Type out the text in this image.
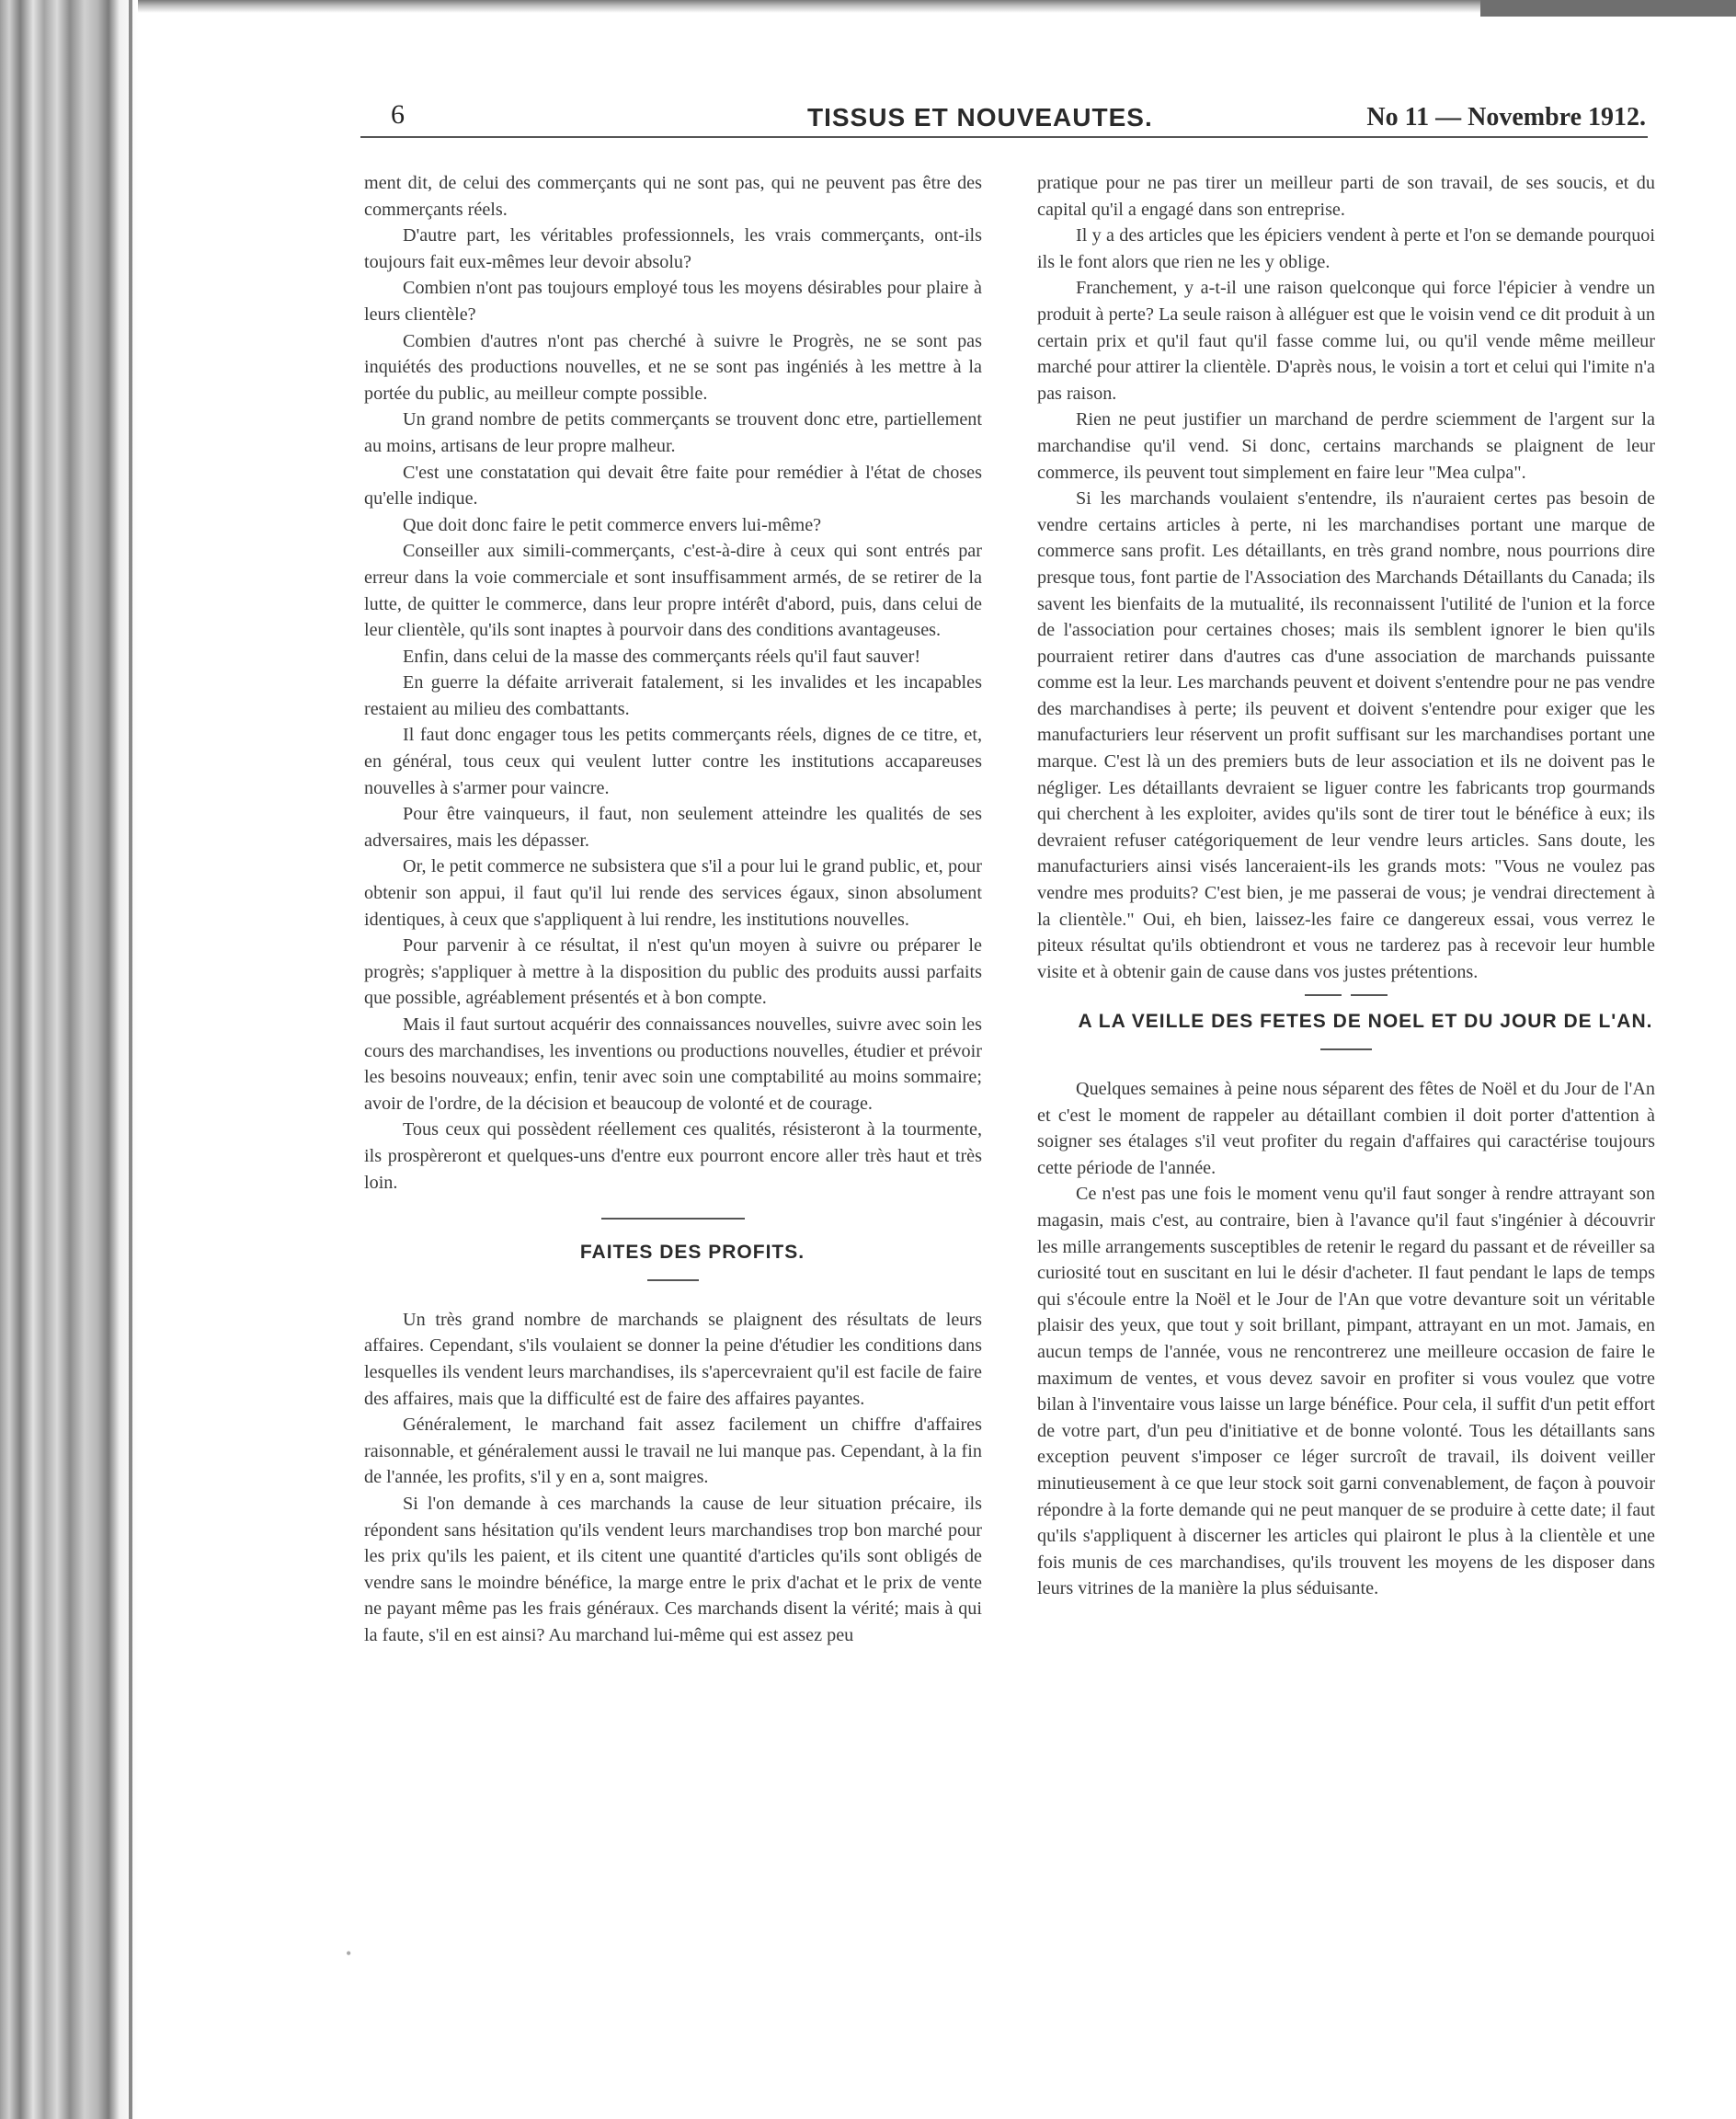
6	TISSUS ET NOUVEAUTES.	No 11 — Novembre 1912.

ment dit, de celui des commerçants qui ne sont pas, qui ne peuvent pas être des commerçants réels.

D'autre part, les véritables professionnels, les vrais commerçants, ont-ils toujours fait eux-mêmes leur devoir absolu?

Combien n'ont pas toujours employé tous les moyens désirables pour plaire à leurs clientèle?

Combien d'autres n'ont pas cherché à suivre le Progrès, ne se sont pas inquiétés des productions nouvelles, et ne se sont pas ingéniés à les mettre à la portée du public, au meilleur compte possible.

Un grand nombre de petits commerçants se trouvent donc etre, partiellement au moins, artisans de leur propre malheur.

C'est une constatation qui devait être faite pour remédier à l'état de choses qu'elle indique.

Que doit donc faire le petit commerce envers lui-même?

Conseiller aux simili-commerçants, c'est-à-dire à ceux qui sont entrés par erreur dans la voie commerciale et sont insuffisamment armés, de se retirer de la lutte, de quitter le commerce, dans leur propre intérêt d'abord, puis, dans celui de leur clientèle, qu'ils sont inaptes à pourvoir dans des conditions avantageuses.

Enfin, dans celui de la masse des commerçants réels qu'il faut sauver!

En guerre la défaite arriverait fatalement, si les invalides et les incapables restaient au milieu des combattants.

Il faut donc engager tous les petits commerçants réels, dignes de ce titre, et, en général, tous ceux qui veulent lutter contre les institutions accapareuses nouvelles à s'armer pour vaincre.

Pour être vainqueurs, il faut, non seulement atteindre les qualités de ses adversaires, mais les dépasser.

Or, le petit commerce ne subsistera que s'il a pour lui le grand public, et, pour obtenir son appui, il faut qu'il lui rende des services égaux, sinon absolument identiques, à ceux que s'appliquent à lui rendre, les institutions nouvelles.

Pour parvenir à ce résultat, il n'est qu'un moyen à suivre ou préparer le progrès; s'appliquer à mettre à la disposition du public des produits aussi parfaits que possible, agréablement présentés et à bon compte.

Mais il faut surtout acquérir des connaissances nouvelles, suivre avec soin les cours des marchandises, les inventions ou productions nouvelles, étudier et prévoir les besoins nouveaux; enfin, tenir avec soin une comptabilité au moins sommaire; avoir de l'ordre, de la décision et beaucoup de volonté et de courage.

Tous ceux qui possèdent réellement ces qualités, résisteront à la tourmente, ils prospèreront et quelques-uns d'entre eux pourront encore aller très haut et très loin.

FAITES DES PROFITS.

Un très grand nombre de marchands se plaignent des résultats de leurs affaires. Cependant, s'ils voulaient se donner la peine d'étudier les conditions dans lesquelles ils vendent leurs marchandises, ils s'apercevraient qu'il est facile de faire des affaires, mais que la difficulté est de faire des affaires payantes.

Généralement, le marchand fait assez facilement un chiffre d'affaires raisonnable, et généralement aussi le travail ne lui manque pas. Cependant, à la fin de l'année, les profits, s'il y en a, sont maigres.

Si l'on demande à ces marchands la cause de leur situation précaire, ils répondent sans hésitation qu'ils vendent leurs marchandises trop bon marché pour les prix qu'ils les paient, et ils citent une quantité d'articles qu'ils sont obligés de vendre sans le moindre bénéfice, la marge entre le prix d'achat et le prix de vente ne payant même pas les frais généraux. Ces marchands disent la vérité; mais à qui la faute, s'il en est ainsi? Au marchand lui-même qui est assez peu

pratique pour ne pas tirer un meilleur parti de son travail, de ses soucis, et du capital qu'il a engagé dans son entreprise.

Il y a des articles que les épiciers vendent à perte et l'on se demande pourquoi ils le font alors que rien ne les y oblige.

Franchement, y a-t-il une raison quelconque qui force l'épicier à vendre un produit à perte? La seule raison à alléguer est que le voisin vend ce dit produit à un certain prix et qu'il faut qu'il fasse comme lui, ou qu'il vende même meilleur marché pour attirer la clientèle. D'après nous, le voisin a tort et celui qui l'imite n'a pas raison.

Rien ne peut justifier un marchand de perdre sciemment de l'argent sur la marchandise qu'il vend. Si donc, certains marchands se plaignent de leur commerce, ils peuvent tout simplement en faire leur "Mea culpa".

Si les marchands voulaient s'entendre, ils n'auraient certes pas besoin de vendre certains articles à perte, ni les marchandises portant une marque de commerce sans profit. Les détaillants, en très grand nombre, nous pourrions dire presque tous, font partie de l'Association des Marchands Détaillants du Canada; ils savent les bienfaits de la mutualité, ils reconnaissent l'utilité de l'union et la force de l'association pour certaines choses; mais ils semblent ignorer le bien qu'ils pourraient retirer dans d'autres cas d'une association de marchands puissante comme est la leur. Les marchands peuvent et doivent s'entendre pour ne pas vendre des marchandises à perte; ils peuvent et doivent s'entendre pour exiger que les manufacturiers leur réservent un profit suffisant sur les marchandises portant une marque. C'est là un des premiers buts de leur association et ils ne doivent pas le négliger. Les détaillants devraient se liguer contre les fabricants trop gourmands qui cherchent à les exploiter, avides qu'ils sont de tirer tout le bénéfice à eux; ils devraient refuser catégoriquement de leur vendre leurs articles. Sans doute, les manufacturiers ainsi visés lanceraient-ils les grands mots: "Vous ne voulez pas vendre mes produits? C'est bien, je me passerai de vous; je vendrai directement à la clientèle." Oui, eh bien, laissez-les faire ce dangereux essai, vous verrez le piteux résultat qu'ils obtiendront et vous ne tarderez pas à recevoir leur humble visite et à obtenir gain de cause dans vos justes prétentions.

A LA VEILLE DES FETES DE NOEL ET DU JOUR DE L'AN.

Quelques semaines à peine nous séparent des fêtes de Noël et du Jour de l'An et c'est le moment de rappeler au détaillant combien il doit porter d'attention à soigner ses étalages s'il veut profiter du regain d'affaires qui caractérise toujours cette période de l'année.

Ce n'est pas une fois le moment venu qu'il faut songer à rendre attrayant son magasin, mais c'est, au contraire, bien à l'avance qu'il faut s'ingénier à découvrir les mille arrangements susceptibles de retenir le regard du passant et de réveiller sa curiosité tout en suscitant en lui le désir d'acheter. Il faut pendant le laps de temps qui s'écoule entre la Noël et le Jour de l'An que votre devanture soit un véritable plaisir des yeux, que tout y soit brillant, pimpant, attrayant en un mot. Jamais, en aucun temps de l'année, vous ne rencontrerez une meilleure occasion de faire le maximum de ventes, et vous devez savoir en profiter si vous voulez que votre bilan à l'inventaire vous laisse un large bénéfice. Pour cela, il suffit d'un petit effort de votre part, d'un peu d'initiative et de bonne volonté. Tous les détaillants sans exception peuvent s'imposer ce léger surcroît de travail, ils doivent veiller minutieusement à ce que leur stock soit garni convenablement, de façon à pouvoir répondre à la forte demande qui ne peut manquer de se produire à cette date; il faut qu'ils s'appliquent à discerner les articles qui plairont le plus à la clientèle et une fois munis de ces marchandises, qu'ils trouvent les moyens de les disposer dans leurs vitrines de la manière la plus séduisante.

•
